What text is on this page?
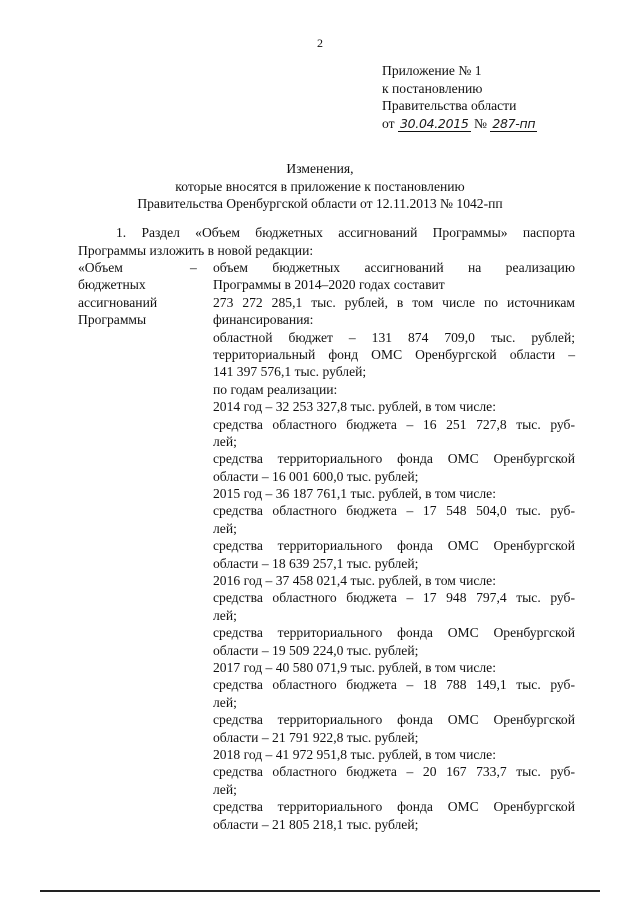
2
Приложение № 1
к постановлению
Правительства области
от 30.04.2015 № 287-пп
Изменения,
которые вносятся в приложение к постановлению
Правительства Оренбургской области от 12.11.2013 № 1042-пп
1. Раздел «Объем бюджетных ассигнований Программы» паспорта
Программы изложить в новой редакции:
«Объем
бюджетных
ассигнований
Программы
– объем бюджетных ассигнований на реализацию
Программы в 2014–2020 годах составит
273 272 285,1 тыс. рублей, в том числе по источникам
финансирования:
областной бюджет – 131 874 709,0 тыс. рублей;
территориальный фонд ОМС Оренбургской области –
141 397 576,1 тыс. рублей;
по годам реализации:
2014 год – 32 253 327,8 тыс. рублей, в том числе:
средства областного бюджета – 16 251 727,8 тыс. руб-
лей;
средства территориального фонда ОМС Оренбургской
области – 16 001 600,0 тыс. рублей;
2015 год – 36 187 761,1 тыс. рублей, в том числе:
средства областного бюджета – 17 548 504,0 тыс. руб-
лей;
средства территориального фонда ОМС Оренбургской
области – 18 639 257,1 тыс. рублей;
2016 год – 37 458 021,4 тыс. рублей, в том числе:
средства областного бюджета – 17 948 797,4 тыс. руб-
лей;
средства территориального фонда ОМС Оренбургской
области – 19 509 224,0 тыс. рублей;
2017 год – 40 580 071,9 тыс. рублей, в том числе:
средства областного бюджета – 18 788 149,1 тыс. руб-
лей;
средства территориального фонда ОМС Оренбургской
области – 21 791 922,8 тыс. рублей;
2018 год – 41 972 951,8 тыс. рублей, в том числе:
средства областного бюджета – 20 167 733,7 тыс. руб-
лей;
средства территориального фонда ОМС Оренбургской
области – 21 805 218,1 тыс. рублей;
